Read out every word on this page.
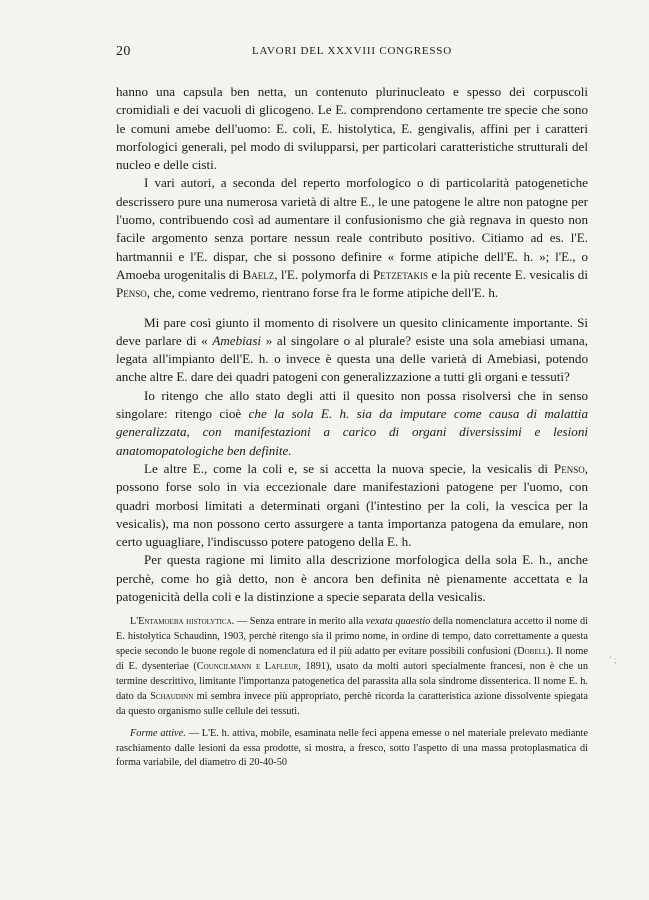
20	LAVORI DEL XXXVIII CONGRESSO

hanno una capsula ben netta, un contenuto plurinucleato e spesso dei corpuscoli cromidiali e dei vacuoli di glicogeno. Le E. comprendono certamente tre specie che sono le comuni amebe dell'uomo: E. coli, E. histolytica, E. gengivalis, affini per i caratteri morfologici generali, pel modo di svilupparsi, per particolari caratteristiche strutturali del nucleo e delle cisti.

I vari autori, a seconda del reperto morfologico o di particolarità patogenetiche descrissero pure una numerosa varietà di altre E., le une patogene le altre non patogne per l'uomo, contribuendo così ad aumentare il confusionismo che già regnava in questo non facile argomento senza portare nessun reale contributo positivo. Citiamo ad es. l'E. hartmannii e l'E. dispar, che si possono definire « forme atipiche dell'E. h. »; l'E., o Amoeba urogenitalis di Baelz, l'E. polymorfa di Petzetakis e la più recente E. vesicalis di Penso, che, come vedremo, rientrano forse fra le forme atipiche dell'E. h.

Mi pare così giunto il momento di risolvere un quesito clinicamente importante. Si deve parlare di « Amebiasi » al singolare o al plurale? esiste una sola amebiasi umana, legata all'impianto dell'E. h. o invece è questa una delle varietà di Amebiasi, potendo anche altre E. dare dei quadri patogeni con generalizzazione a tutti gli organi e tessuti?

Io ritengo che allo stato degli atti il quesito non possa risolversi che in senso singolare: ritengo cioè che la sola E. h. sia da imputare come causa di malattia generalizzata, con manifestazioni a carico di organi diversissimi e lesioni anatomopatologiche ben definite.

Le altre E., come la coli e, se si accetta la nuova specie, la vesicalis di Penso, possono forse solo in via eccezionale dare manifestazioni patogene per l'uomo, con quadri morbosi limitati a determinati organi (l'intestino per la coli, la vescica per la vesicalis), ma non possono certo assurgere a tanta importanza patogena da emulare, non certo uguagliare, l'indiscusso potere patogeno della E. h.

Per questa ragione mi limito alla descrizione morfologica della sola E. h., anche perchè, come ho già detto, non è ancora ben definita nè pienamente accettata e la patogenicità della coli e la distinzione a specie separata della vesicalis.

L'Entamoeba histolytica. — Senza entrare in merito alla vexata quaestio della nomenclatura accetto il nome di E. histolytica Schaudinn, 1903, perchè ritengo sia il primo nome, in ordine di tempo, dato correttamente a questa specie secondo le buone regole di nomenclatura ed il più adatto per evitare possibili confusioni (Dobell). Il nome di E. dysenteriae (Councilmann e Lafleur, 1891), usato da molti autori specialmente francesi, non è che un termine descrittivo, limitante l'importanza patogenetica del parassita alla sola sindrome dissenterica. Il nome E. h. dato da Schaudinn mi sembra invece più appropriato, perchè ricorda la caratteristica azione dissolvente spiegata da questo organismo sulle cellule dei tessuti.

Forme attive. — L'E. h. attiva, mobile, esaminata nelle feci appena emesse o nel materiale prelevato mediante raschiamento dalle lesioni da essa prodotte, si mostra, a fresco, sotto l'aspetto di una massa protoplasmatica di forma variabile, del diametro di 20-40-50

' ;
